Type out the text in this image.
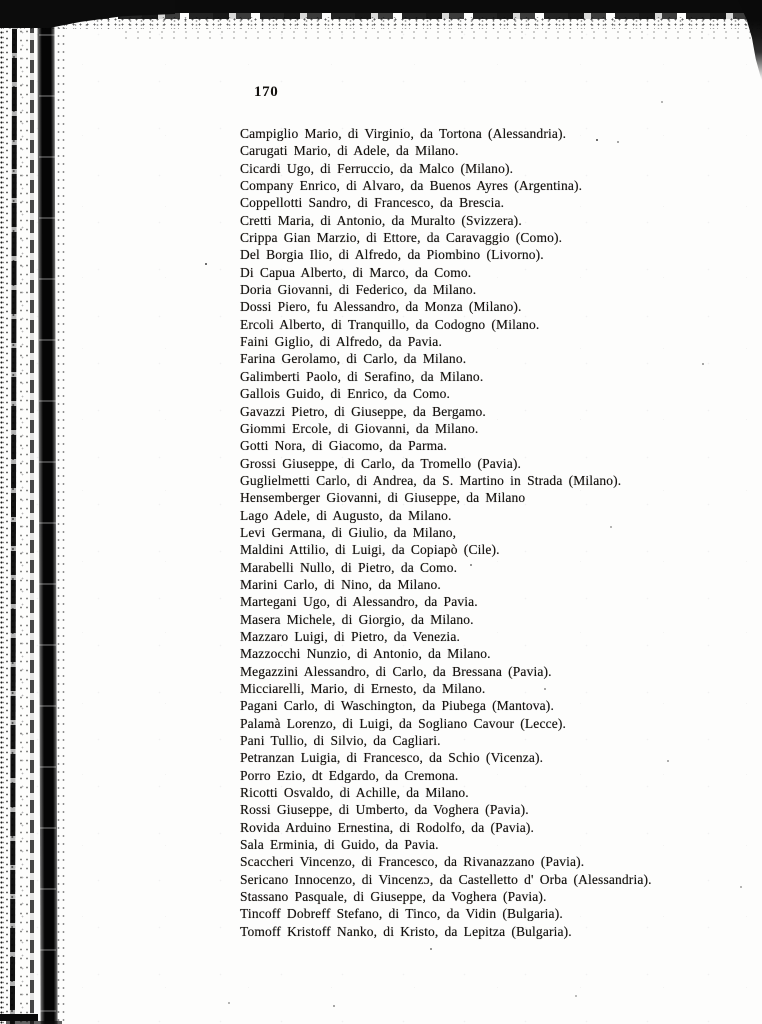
170
Campiglio Mario, di Virginio, da Tortona (Alessandria).
Carugati Mario, di Adele, da Milano.
Cicardi Ugo, di Ferruccio, da Malco (Milano).
Company Enrico, di Alvaro, da Buenos Ayres (Argentina).
Coppellotti Sandro, di Francesco, da Brescia.
Cretti Maria, di Antonio, da Muralto (Svizzera).
Crippa Gian Marzio, di Ettore, da Caravaggio (Como).
Del Borgia Ilio, di Alfredo, da Piombino (Livorno).
Di Capua Alberto, di Marco, da Como.
Doria Giovanni, di Federico, da Milano.
Dossi Piero, fu Alessandro, da Monza (Milano).
Ercoli Alberto, di Tranquillo, da Codogno (Milano.
Faini Giglio, di Alfredo, da Pavia.
Farina Gerolamo, di Carlo, da Milano.
Galimberti Paolo, di Serafino, da Milano.
Gallois Guido, di Enrico, da Como.
Gavazzi Pietro, di Giuseppe, da Bergamo.
Giommi Ercole, di Giovanni, da Milano.
Gotti Nora, di Giacomo, da Parma.
Grossi Giuseppe, di Carlo, da Tromello (Pavia).
Guglielmetti Carlo, di Andrea, da S. Martino in Strada (Milano).
Hensemberger Giovanni, di Giuseppe, da Milano
Lago Adele, di Augusto, da Milano.
Levi Germana, di Giulio, da Milano,
Maldini Attilio, di Luigi, da Copiapò (Cile).
Marabelli Nullo, di Pietro, da Como.
Marini Carlo, di Nino, da Milano.
Martegani Ugo, di Alessandro, da Pavia.
Masera Michele, di Giorgio, da Milano.
Mazzaro Luigi, di Pietro, da Venezia.
Mazzocchi Nunzio, di Antonio, da Milano.
Megazzini Alessandro, di Carlo, da Bressana (Pavia).
Micciarelli, Mario, di Ernesto, da Milano.
Pagani Carlo, di Waschington, da Piubega (Mantova).
Palamà Lorenzo, di Luigi, da Sogliano Cavour (Lecce).
Pani Tullio, di Silvio, da Cagliari.
Petranzan Luigia, di Francesco, da Schio (Vicenza).
Porro Ezio, dt Edgardo, da Cremona.
Ricotti Osvaldo, di Achille, da Milano.
Rossi Giuseppe, di Umberto, da Voghera (Pavia).
Rovida Arduino Ernestina, di Rodolfo, da (Pavia).
Sala Erminia, di Guido, da Pavia.
Scaccheri Vincenzo, di Francesco, da Rivanazzano (Pavia).
Sericano Innocenzo, di Vincenzɔ, da Castelletto d' Orba (Alessandria).
Stassano Pasquale, di Giuseppe, da Voghera (Pavia).
Tincoff Dobreff Stefano, di Tinco, da Vidin (Bulgaria).
Tomoff Kristoff Nanko, di Kristo, da Lepitza (Bulgaria).
